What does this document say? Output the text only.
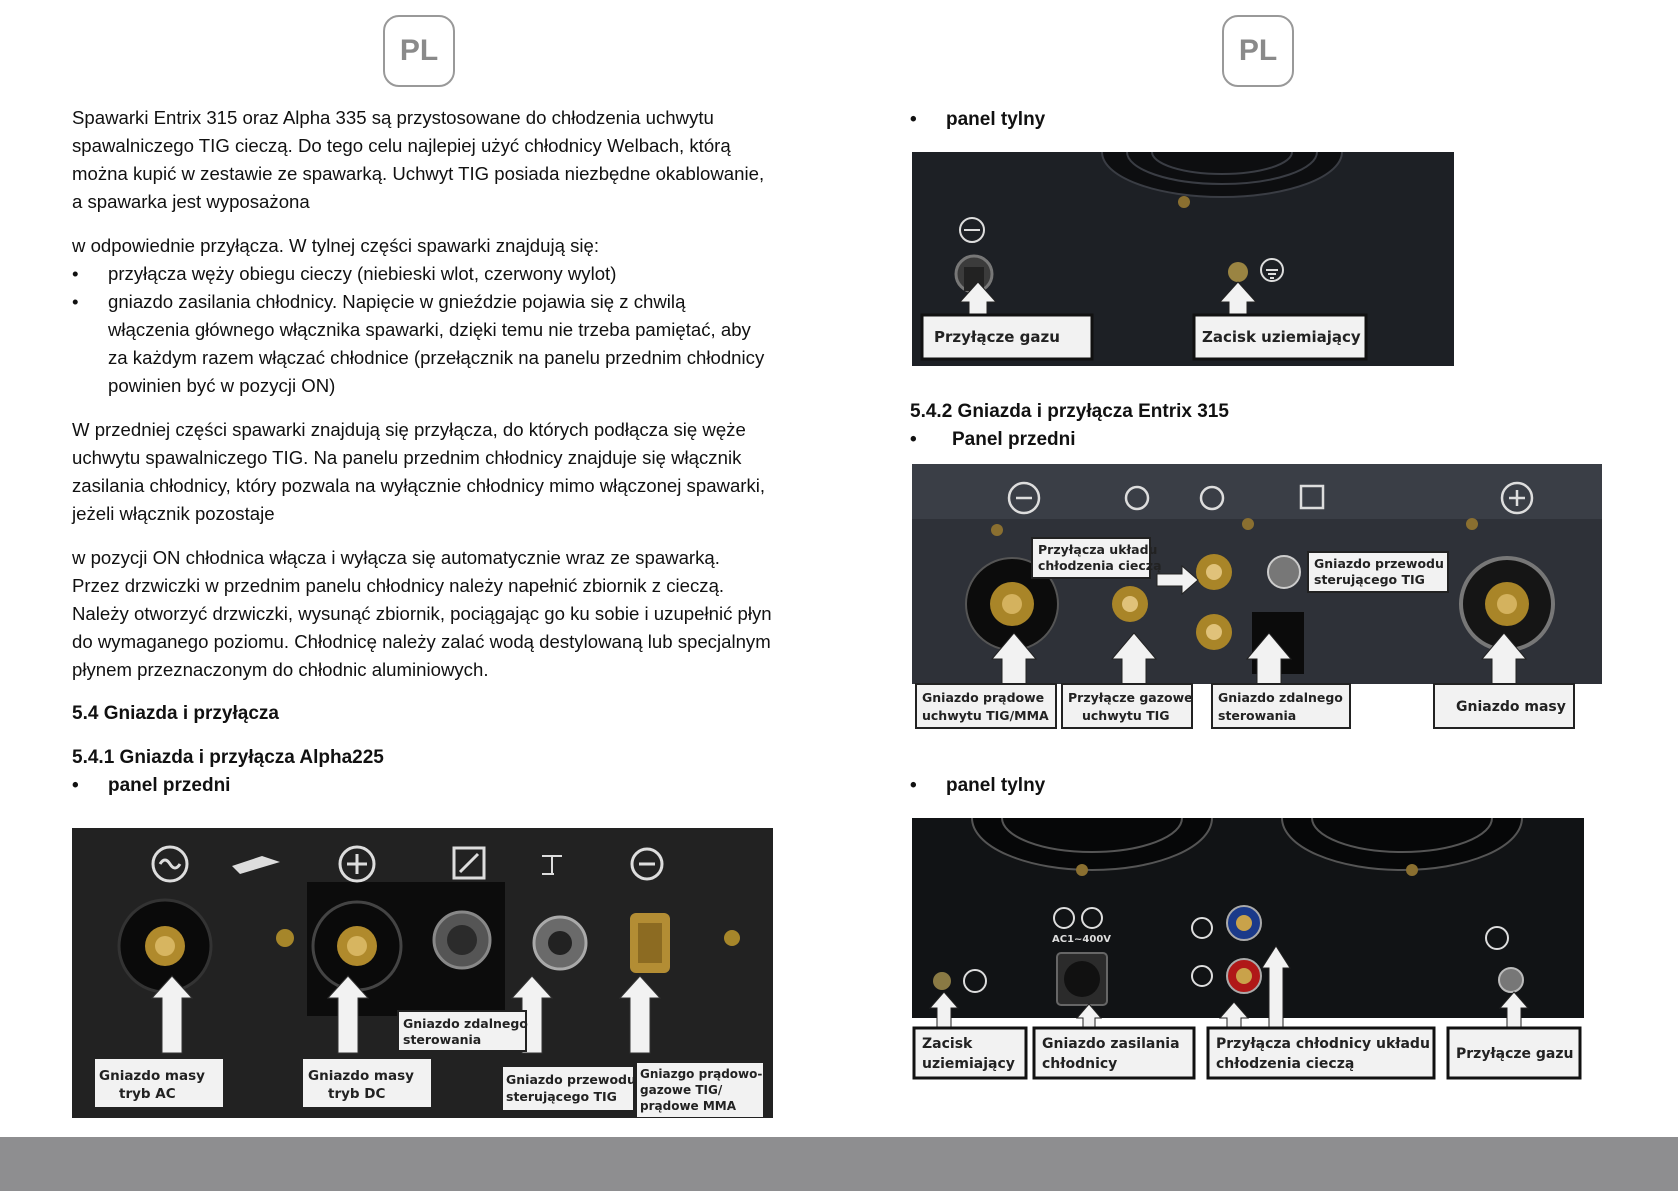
PL	PL

Spawarki Entrix 315 oraz Alpha 335 są przystosowane do chłodzenia uchwytu spawalniczego TIG cieczą. Do tego celu najlepiej użyć chłodnicy Welbach, którą można kupić w zestawie ze spawarką. Uchwyt TIG posiada niezbędne okablowanie, a spawarka jest wyposażona

w odpowiednie przyłącza. W tylnej części spawarki znajdują się:

• przyłącza węży obiegu cieczy (niebieski wlot, czerwony wylot)
• gniazdo zasilania chłodnicy. Napięcie w gnieździe pojawia się z chwilą włączenia głównego włącznika spawarki, dzięki temu nie trzeba pamiętać, aby za każdym razem włączać chłodnice (przełącznik na panelu przednim chłodnicy powinien być w pozycji ON)

W przedniej części spawarki znajdują się przyłącza, do których podłącza się węże uchwytu spawalniczego TIG. Na panelu przednim chłodnicy znajduje się włącznik zasilania chłodnicy, który pozwala na wyłącznie chłodnicy mimo włączonej spawarki, jeżeli włącznik pozostaje

w pozycji ON chłodnica włącza i wyłącza się automatycznie wraz ze spawarką. Przez drzwiczki w przednim panelu chłodnicy należy napełnić zbiornik z cieczą. Należy otworzyć drzwiczki, wysunąć zbiornik, pociągając go ku sobie i uzupełnić płyn do wymaganego poziomu. Chłodnicę należy zalać wodą destylowaną lub specjalnym płynem przeznaczonym do chłodnic aluminiowych.

5.4 Gniazda i przyłącza
5.4.1 Gniazda i przyłącza Alpha225
• panel przedni
Gniazdo masy
tryb AC
Gniazdo masy
tryb DC
Gniazdo zdalnego
sterowania
Gniazdo przewodu
sterującego TIG
Gniazgo prądowo-
gazowe TIG/
prądowe MMA
• panel tylny
Przyłącze gazu	Zacisk uziemiający
5.4.2 Gniazda i przyłącza Entrix 315
• Panel przedni
Przyłącza układu
chłodzenia cieczą	Gniazdo przewodu
sterującego TIG
Gniazdo prądowe
uchwytu TIG/MMA
Przyłącze gazowe
uchwytu TIG
Gniazdo zdalnego
sterowania
Gniazdo masy
• panel tylny
AC1~400V
Zacisk
uziemiający
Gniazdo zasilania
chłodnicy
Przyłącza chłodnicy układu
chłodzenia cieczą
Przyłącze gazu
